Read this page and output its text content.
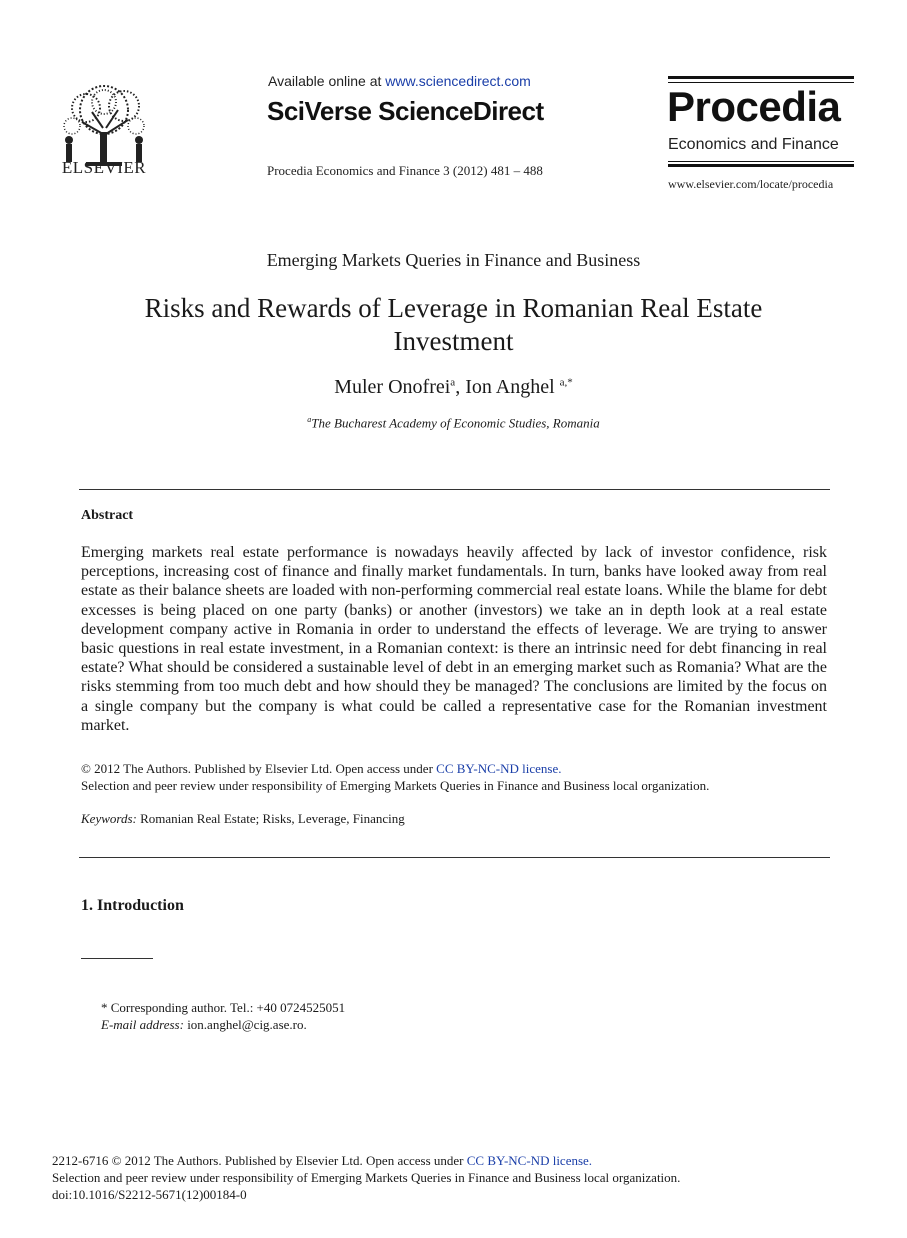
ELSEVIER
Available online at www.sciencedirect.com
SciVerse ScienceDirect
Procedia Economics and Finance 3 (2012) 481 – 488
Procedia
Economics and Finance
www.elsevier.com/locate/procedia
Emerging Markets Queries in Finance and Business
Risks and Rewards of Leverage in Romanian Real Estate Investment
Muler Onofrei$^a$, Ion Anghel $^{a,*}$
$^a$The Bucharest Academy of Economic Studies, Romania
Abstract
Emerging markets real estate performance is nowadays heavily affected by lack of investor confidence, risk perceptions, increasing cost of finance and finally market fundamentals. In turn, banks have looked away from real estate as their balance sheets are loaded with non-performing commercial real estate loans. While the blame for debt excesses is being placed on one party (banks) or another (investors) we take an in depth look at a real estate development company active in Romania in order to understand the effects of leverage. We are trying to answer basic questions in real estate investment, in a Romanian context: is there an intrinsic need for debt financing in real estate? What should be considered a sustainable level of debt in an emerging market such as Romania? What are the risks stemming from too much debt and how should they be managed? The conclusions are limited by the focus on a single company but the company is what could be called a representative case for the Romanian investment market.
© 2012 The Authors. Published by Elsevier Ltd. Open access under CC BY-NC-ND license.
Selection and peer review under responsibility of Emerging Markets Queries in Finance and Business local organization.
Keywords: Romanian Real Estate; Risks, Leverage, Financing
1. Introduction
* Corresponding author. Tel.: +40 0724525051
E-mail address: ion.anghel@cig.ase.ro.
2212-6716 © 2012 The Authors. Published by Elsevier Ltd. Open access under CC BY-NC-ND license.
Selection and peer review under responsibility of Emerging Markets Queries in Finance and Business local organization.
doi:10.1016/S2212-5671(12)00184-0
